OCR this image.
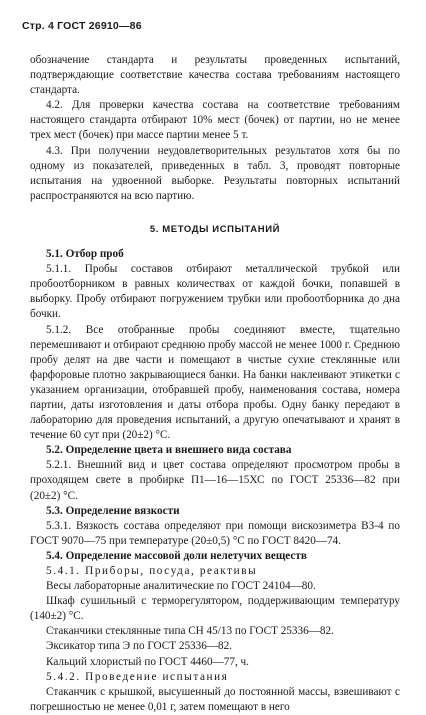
Стр. 4 ГОСТ 26910—86
обозначение стандарта и результаты проведенных испытаний, подтверждающие соответствие качества состава требованиям настоящего стандарта.
4.2. Для проверки качества состава на соответствие требованиям настоящего стандарта отбирают 10% мест (бочек) от партии, но не менее трех мест (бочек) при массе партии менее 5 т.
4.3. При получении неудовлетворительных результатов хотя бы по одному из показателей, приведенных в табл. 3, проводят повторные испытания на удвоенной выборке. Результаты повторных испытаний распространяются на всю партию.
5. МЕТОДЫ ИСПЫТАНИЙ
5.1. Отбор проб
5.1.1. Пробы составов отбирают металлической трубкой или пробоотборником в равных количествах от каждой бочки, попавшей в выборку. Пробу отбирают погружением трубки или пробоотборника до дна бочки.
5.1.2. Все отобранные пробы соединяют вместе, тщательно перемешивают и отбирают среднюю пробу массой не менее 1000 г. Среднюю пробу делят на две части и помещают в чистые сухие стеклянные или фарфоровые плотно закрывающиеся банки. На банки наклеивают этикетки с указанием организации, отобравшей пробу, наименования состава, номера партии, даты изготовления и даты отбора пробы. Одну банку передают в лабораторию для проведения испытаний, а другую опечатывают и хранят в течение 60 сут при (20±2) °С.
5.2. Определение цвета и внешнего вида состава
5.2.1. Внешний вид и цвет состава определяют просмотром пробы в проходящем свете в пробирке П1—16—15ХС по ГОСТ 25336—82 при (20±2) °С.
5.3. Определение вязкости
5.3.1. Вязкость состава определяют при помощи вискозиметра ВЗ-4 по ГОСТ 9070—75 при температуре (20±0,5) °С по ГОСТ 8420—74.
5.4. Определение массовой доли нелетучих веществ
5.4.1. Приборы, посуда, реактивы
Весы лабораторные аналитические по ГОСТ 24104—80.
Шкаф сушильный с терморегулятором, поддерживающим температуру (140±2) °С.
Стаканчики стеклянные типа СН 45/13 по ГОСТ 25336—82.
Эксикатор типа Э по ГОСТ 25336—82.
Кальций хлористый по ГОСТ 4460—77, ч.
5.4.2. Проведение испытания
Стаканчик с крышкой, высушенный до постоянной массы, взвешивают с погрешностью не менее 0,01 г, затем помещают в него
